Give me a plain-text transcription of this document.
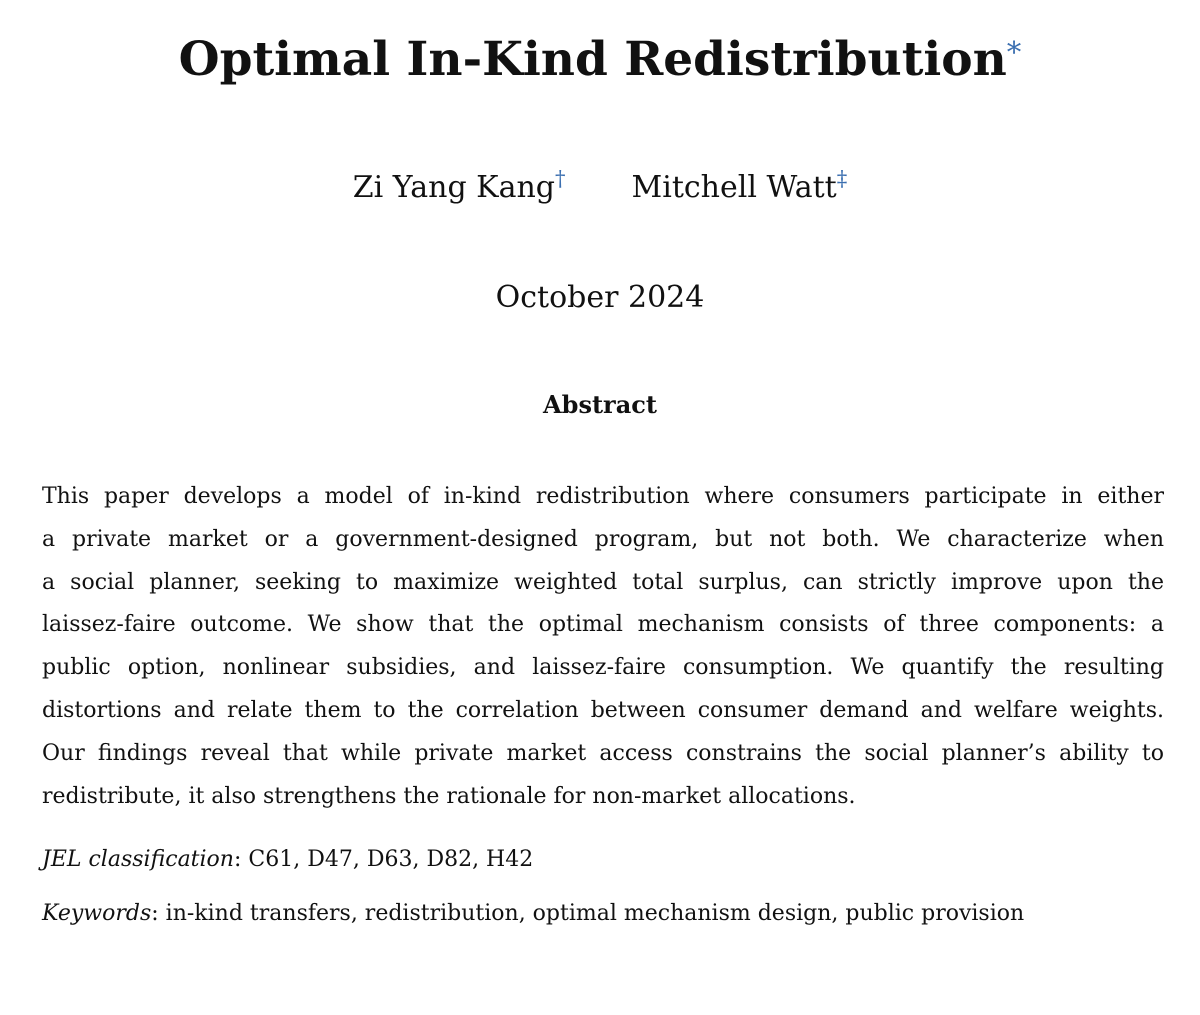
Optimal In-Kind Redistribution*
Zi Yang Kang† Mitchell Watt‡
October 2024
Abstract
This paper develops a model of in-kind redistribution where consumers participate in either
a private market or a government-designed program, but not both. We characterize when
a social planner, seeking to maximize weighted total surplus, can strictly improve upon the
laissez-faire outcome. We show that the optimal mechanism consists of three components: a
public option, nonlinear subsidies, and laissez-faire consumption. We quantify the resulting
distortions and relate them to the correlation between consumer demand and welfare weights.
Our findings reveal that while private market access constrains the social planner’s ability to
redistribute, it also strengthens the rationale for non-market allocations.
JEL classification: C61, D47, D63, D82, H42
Keywords: in-kind transfers, redistribution, optimal mechanism design, public provision
